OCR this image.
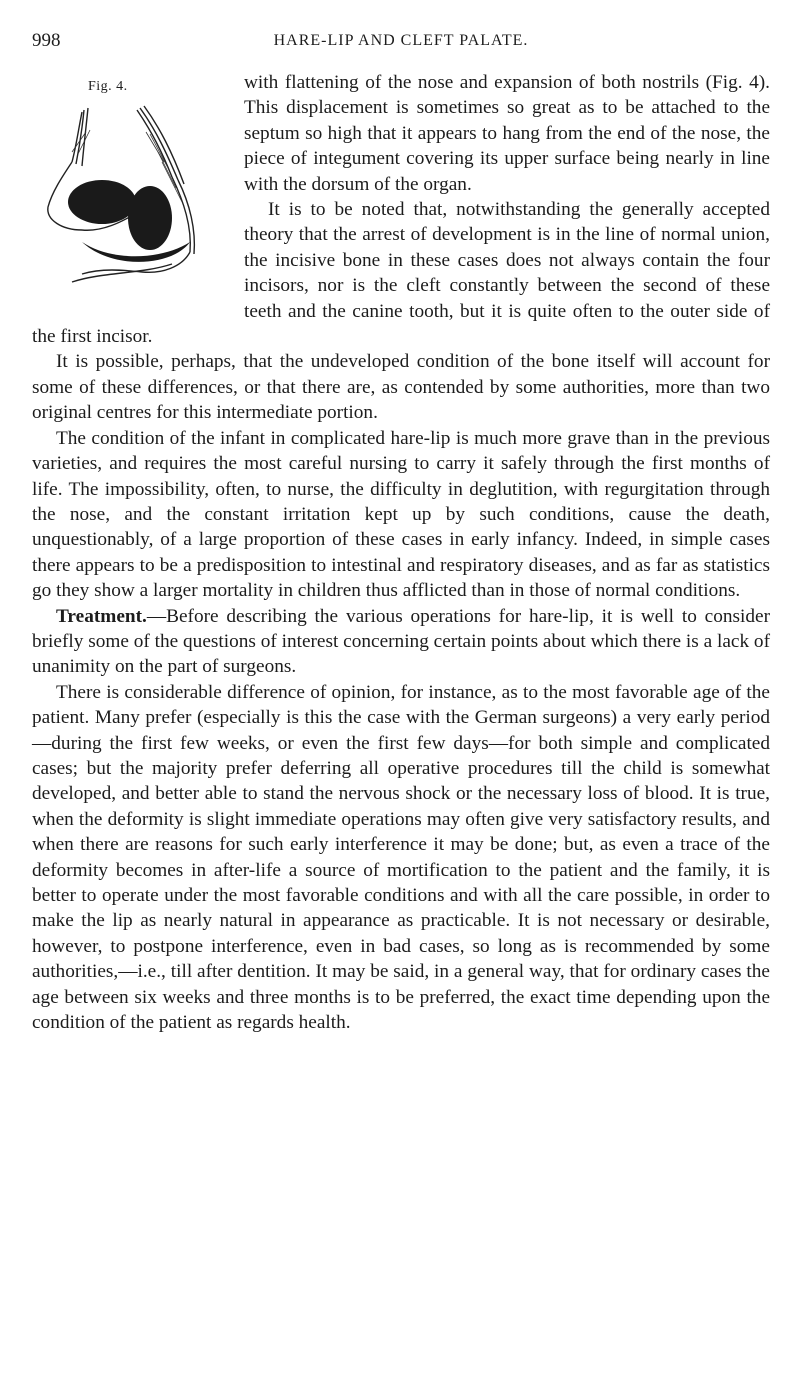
998	HARE-LIP AND CLEFT PALATE.

Fig. 4.	with flattening of the nose and expansion of both nostrils (Fig. 4). This displacement is sometimes so great as to be attached to the septum so high that it appears to hang from the end of the nose, the piece of integument covering its upper surface being nearly in line with the dorsum of the organ.

It is to be noted that, notwithstanding the generally accepted theory that the arrest of development is in the line of normal union, the incisive bone in these cases does not always contain the four incisors, nor is the cleft constantly between the second of these teeth and the canine tooth, but it is quite often to the outer side of the first incisor.

It is possible, perhaps, that the undeveloped condition of the bone itself will account for some of these differences, or that there are, as contended by some authorities, more than two original centres for this intermediate portion.

The condition of the infant in complicated hare-lip is much more grave than in the previous varieties, and requires the most careful nursing to carry it safely through the first months of life. The impossibility, often, to nurse, the difficulty in deglutition, with regurgitation through the nose, and the constant irritation kept up by such conditions, cause the death, unquestionably, of a large proportion of these cases in early infancy. Indeed, in simple cases there appears to be a predisposition to intestinal and respiratory diseases, and as far as statistics go they show a larger mortality in children thus afflicted than in those of normal conditions.

Treatment.—Before describing the various operations for hare-lip, it is well to consider briefly some of the questions of interest concerning certain points about which there is a lack of unanimity on the part of surgeons.

There is considerable difference of opinion, for instance, as to the most favorable age of the patient. Many prefer (especially is this the case with the German surgeons) a very early period—during the first few weeks, or even the first few days—for both simple and complicated cases; but the majority prefer deferring all operative procedures till the child is somewhat developed, and better able to stand the nervous shock or the necessary loss of blood. It is true, when the deformity is slight immediate operations may often give very satisfactory results, and when there are reasons for such early interference it may be done; but, as even a trace of the deformity becomes in after-life a source of mortification to the patient and the family, it is better to operate under the most favorable conditions and with all the care possible, in order to make the lip as nearly natural in appearance as practicable. It is not necessary or desirable, however, to postpone interference, even in bad cases, so long as is recommended by some authorities,—i.e., till after dentition. It may be said, in a general way, that for ordinary cases the age between six weeks and three months is to be preferred, the exact time depending upon the condition of the patient as regards health.
